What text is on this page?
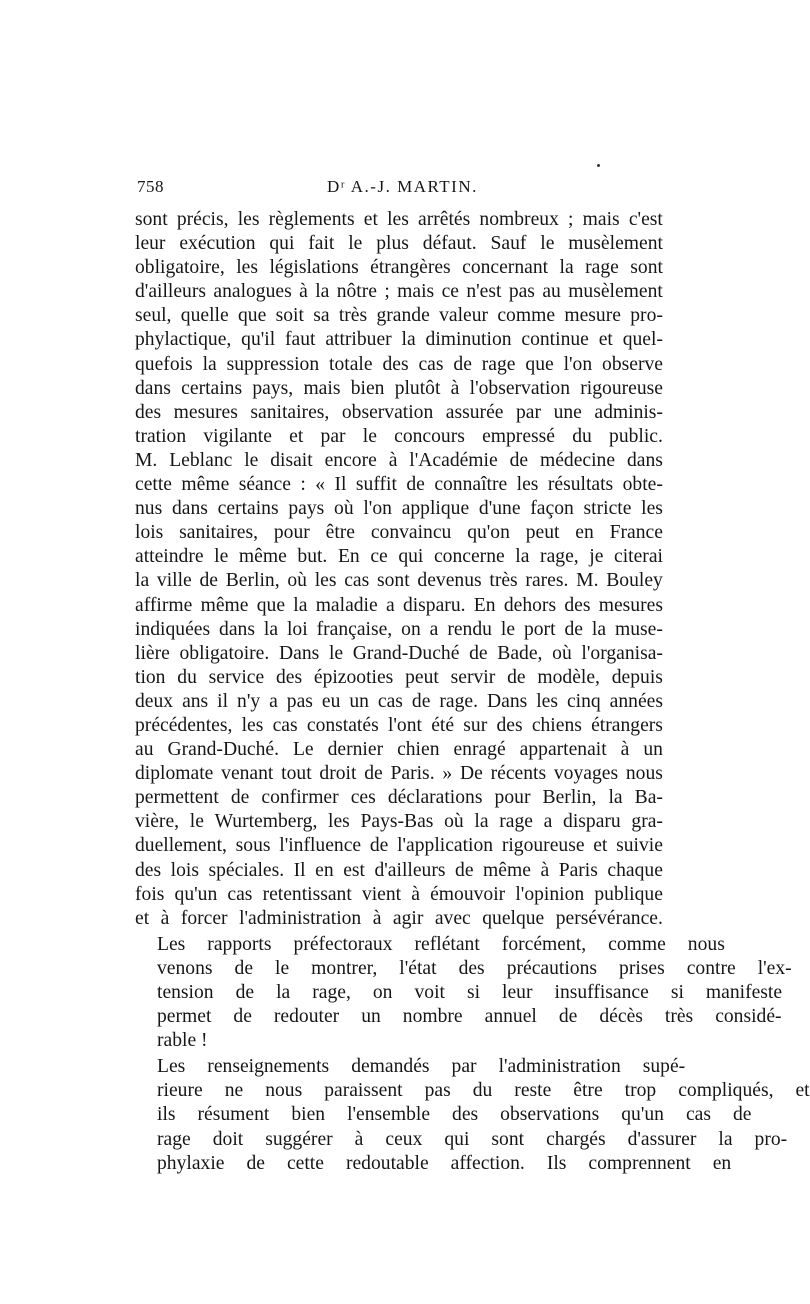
758	Dʳ A.-J. MARTIN.
sont précis, les règlements et les arrêtés nombreux ; mais c'est
leur exécution qui fait le plus défaut. Sauf le musèlement
obligatoire, les législations étrangères concernant la rage sont
d'ailleurs analogues à la nôtre ; mais ce n'est pas au musèlement
seul, quelle que soit sa très grande valeur comme mesure pro-
phylactique, qu'il faut attribuer la diminution continue et quel-
quefois la suppression totale des cas de rage que l'on observe
dans certains pays, mais bien plutôt à l'observation rigoureuse
des mesures sanitaires, observation assurée par une adminis-
tration vigilante et par le concours empressé du public.
M. Leblanc le disait encore à l'Académie de médecine dans
cette même séance : « Il suffit de connaître les résultats obte-
nus dans certains pays où l'on applique d'une façon stricte les
lois sanitaires, pour être convaincu qu'on peut en France
atteindre le même but. En ce qui concerne la rage, je citerai
la ville de Berlin, où les cas sont devenus très rares. M. Bouley
affirme même que la maladie a disparu. En dehors des mesures
indiquées dans la loi française, on a rendu le port de la muse-
lière obligatoire. Dans le Grand-Duché de Bade, où l'organisa-
tion du service des épizooties peut servir de modèle, depuis
deux ans il n'y a pas eu un cas de rage. Dans les cinq années
précédentes, les cas constatés l'ont été sur des chiens étrangers
au Grand-Duché. Le dernier chien enragé appartenait à un
diplomate venant tout droit de Paris. » De récents voyages nous
permettent de confirmer ces déclarations pour Berlin, la Ba-
vière, le Wurtemberg, les Pays-Bas où la rage a disparu gra-
duellement, sous l'influence de l'application rigoureuse et suivie
des lois spéciales. Il en est d'ailleurs de même à Paris chaque
fois qu'un cas retentissant vient à émouvoir l'opinion publique
et à forcer l'administration à agir avec quelque persévérance.
Les	rapports	préfectoraux	reflétant	forcément,	comme	nous
venons	de	le	montrer,	l'état	des	précautions	prises	contre	l'ex-
tension	de	la	rage,	on	voit	si	leur	insuffisance	si	manifeste
permet	de	redouter	un	nombre	annuel	de	décès	très	considé-
rable !
Les	renseignements	demandés	par	l'administration	supé-
rieure	ne	nous	paraissent	pas	du	reste	être	trop	compliqués,	et
ils	résument	bien	l'ensemble	des	observations	qu'un	cas	de
rage	doit	suggérer	à	ceux	qui	sont	chargés	d'assurer	la	pro-
phylaxie	de	cette	redoutable	affection.	Ils	comprennent	en
